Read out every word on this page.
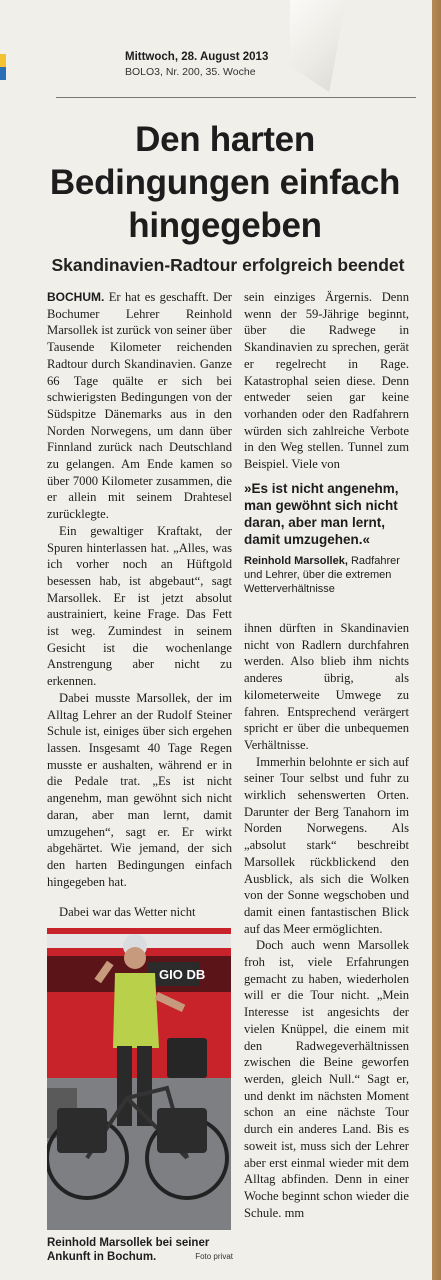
Mittwoch, 28. August 2013
BOLO3, Nr. 200, 35. Woche
Den harten Bedingungen einfach hingegeben
Skandinavien-Radtour erfolgreich beendet

BOCHUM. Er hat es geschafft. Der Bochumer Lehrer Reinhold Marsollek ist zurück von seiner über Tausende Kilometer reichenden Radtour durch Skandinavien. Ganze 66 Tage quälte er sich bei schwierigsten Bedingungen von der Südspitze Dänemarks aus in den Norden Norwegens, um dann über Finnland zurück nach Deutschland zu gelangen. Am Ende kamen so über 7000 Kilometer zusammen, die er allein mit seinem Drahtesel zurücklegte.

Ein gewaltiger Kraftakt, der Spuren hinterlassen hat. „Alles, was ich vorher noch an Hüftgold besessen hab, ist abgebaut“, sagt Marsollek. Er ist jetzt absolut austrainiert, keine Frage. Das Fett ist weg. Zumindest in seinem Gesicht ist die wochenlange Anstrengung aber nicht zu erkennen.

Dabei musste Marsollek, der im Alltag Lehrer an der Rudolf Steiner Schule ist, einiges über sich ergehen lassen. Insgesamt 40 Tage Regen musste er aushalten, während er in die Pedale trat. „Es ist nicht angenehm, man gewöhnt sich nicht daran, aber man lernt, damit umzugehen“, sagt er. Er wirkt abgehärtet. Wie jemand, der sich den harten Bedingungen einfach hingegeben hat.

Dabei war das Wetter nicht

sein einziges Ärgernis. Denn wenn der 59-Jährige beginnt, über die Radwege in Skandinavien zu sprechen, gerät er regelrecht in Rage. Katastrophal seien diese. Denn entweder seien gar keine vorhanden oder den Radfahrern würden sich zahlreiche Verbote in den Weg stellen. Tunnel zum Beispiel. Viele von

»Es ist nicht angenehm, man gewöhnt sich nicht daran, aber man lernt, damit umzugehen.«

Reinhold Marsollek, Radfahrer und Lehrer, über die extremen Wetterverhältnisse

ihnen dürften in Skandinavien nicht von Radlern durchfahren werden. Also blieb ihm nichts anderes übrig, als kilometerweite Umwege zu fahren. Entsprechend verärgert spricht er über die unbequemen Verhältnisse.

Immerhin belohnte er sich auf seiner Tour selbst und fuhr zu wirklich sehenswerten Orten. Darunter der Berg Tanahorn im Norden Norwegens. Als „absolut stark“ beschreibt Marsollek rückblickend den Ausblick, als sich die Wolken von der Sonne wegschoben und damit einen fantastischen Blick auf das Meer ermöglichten.

Doch auch wenn Marsollek froh ist, viele Erfahrungen gemacht zu haben, wiederholen will er die Tour nicht. „Mein Interesse ist angesichts der vielen Knüppel, die einem mit den Radwegeverhältnissen zwischen die Beine geworfen werden, gleich Null.“ Sagt er, und denkt im nächsten Moment schon an eine nächste Tour durch ein anderes Land. Bis es soweit ist, muss sich der Lehrer aber erst einmal wieder mit dem Alltag abfinden. Denn in einer Woche beginnt schon wieder die Schule. mm

GIO DB
Reinhold Marsollek bei seiner Ankunft in Bochum.	Foto privat
